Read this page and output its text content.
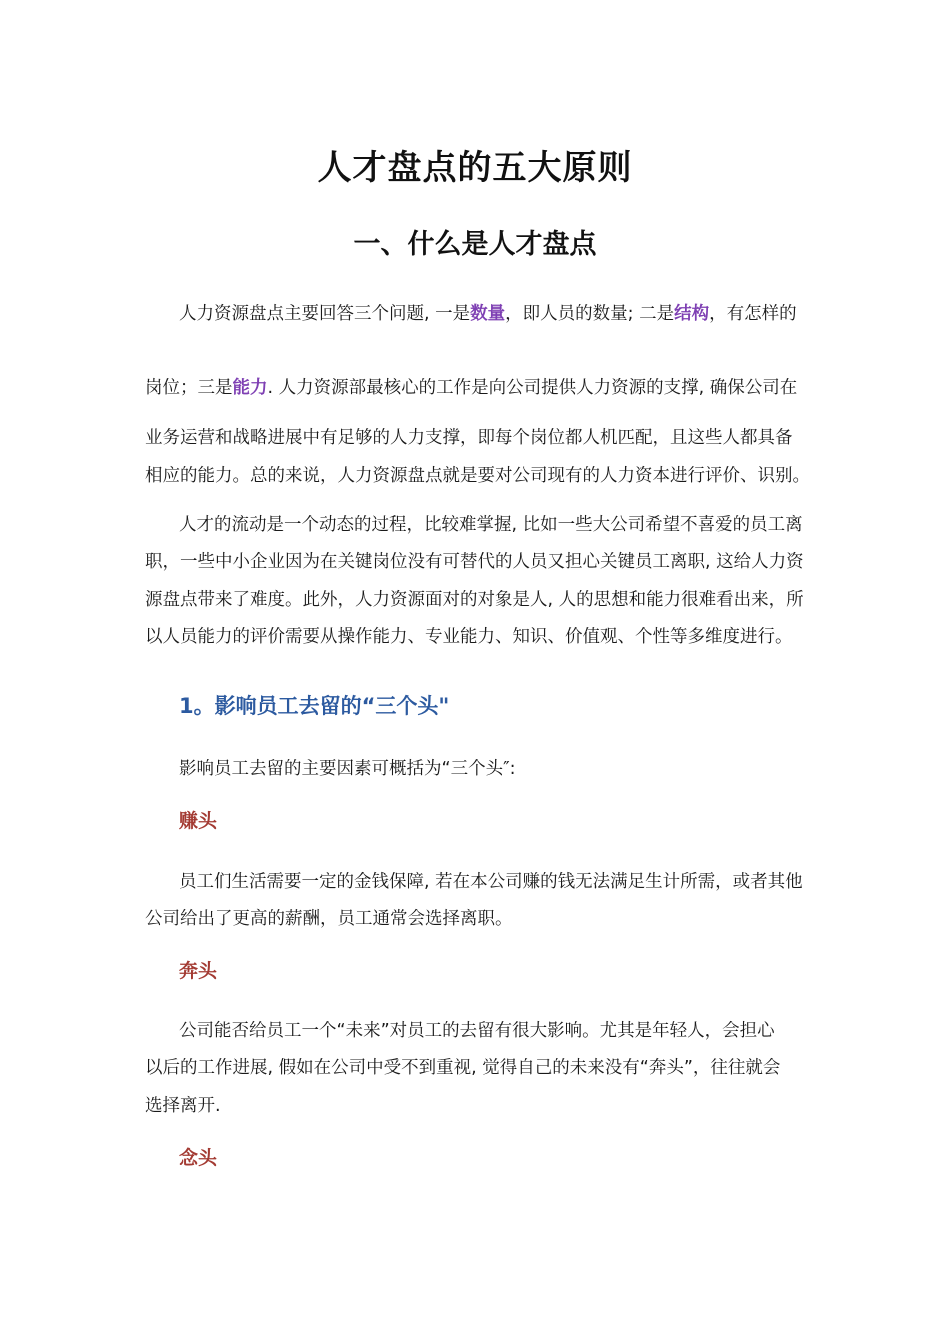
人才盘点的五大原则
一、什么是人才盘点
人力资源盘点主要回答三个问题, 一是数量，即人员的数量; 二是结构，有怎样的
岗位；三是能力. 人力资源部最核心的工作是向公司提供人力资源的支撑, 确保公司在
业务运营和战略进展中有足够的人力支撑，即每个岗位都人机匹配，且这些人都具备
相应的能力。总的来说，人力资源盘点就是要对公司现有的人力资本进行评价、识别。
人才的流动是一个动态的过程，比较难掌握, 比如一些大公司希望不喜爱的员工离
职，一些中小企业因为在关键岗位没有可替代的人员又担心关键员工离职, 这给人力资
源盘点带来了难度。此外，人力资源面对的对象是人, 人的思想和能力很难看出来，所
以人员能力的评价需要从操作能力、专业能力、知识、价值观、个性等多维度进行。
1。影响员工去留的“三个头"
影响员工去留的主要因素可概括为“三个头″:
赚头
员工们生活需要一定的金钱保障, 若在本公司赚的钱无法满足生计所需，或者其他
公司给出了更高的薪酬，员工通常会选择离职。
奔头
公司能否给员工一个“未来”对员工的去留有很大影响。尤其是年轻人，会担心
以后的工作进展, 假如在公司中受不到重视, 觉得自己的未来没有“奔头”，往往就会
选择离开.
念头
